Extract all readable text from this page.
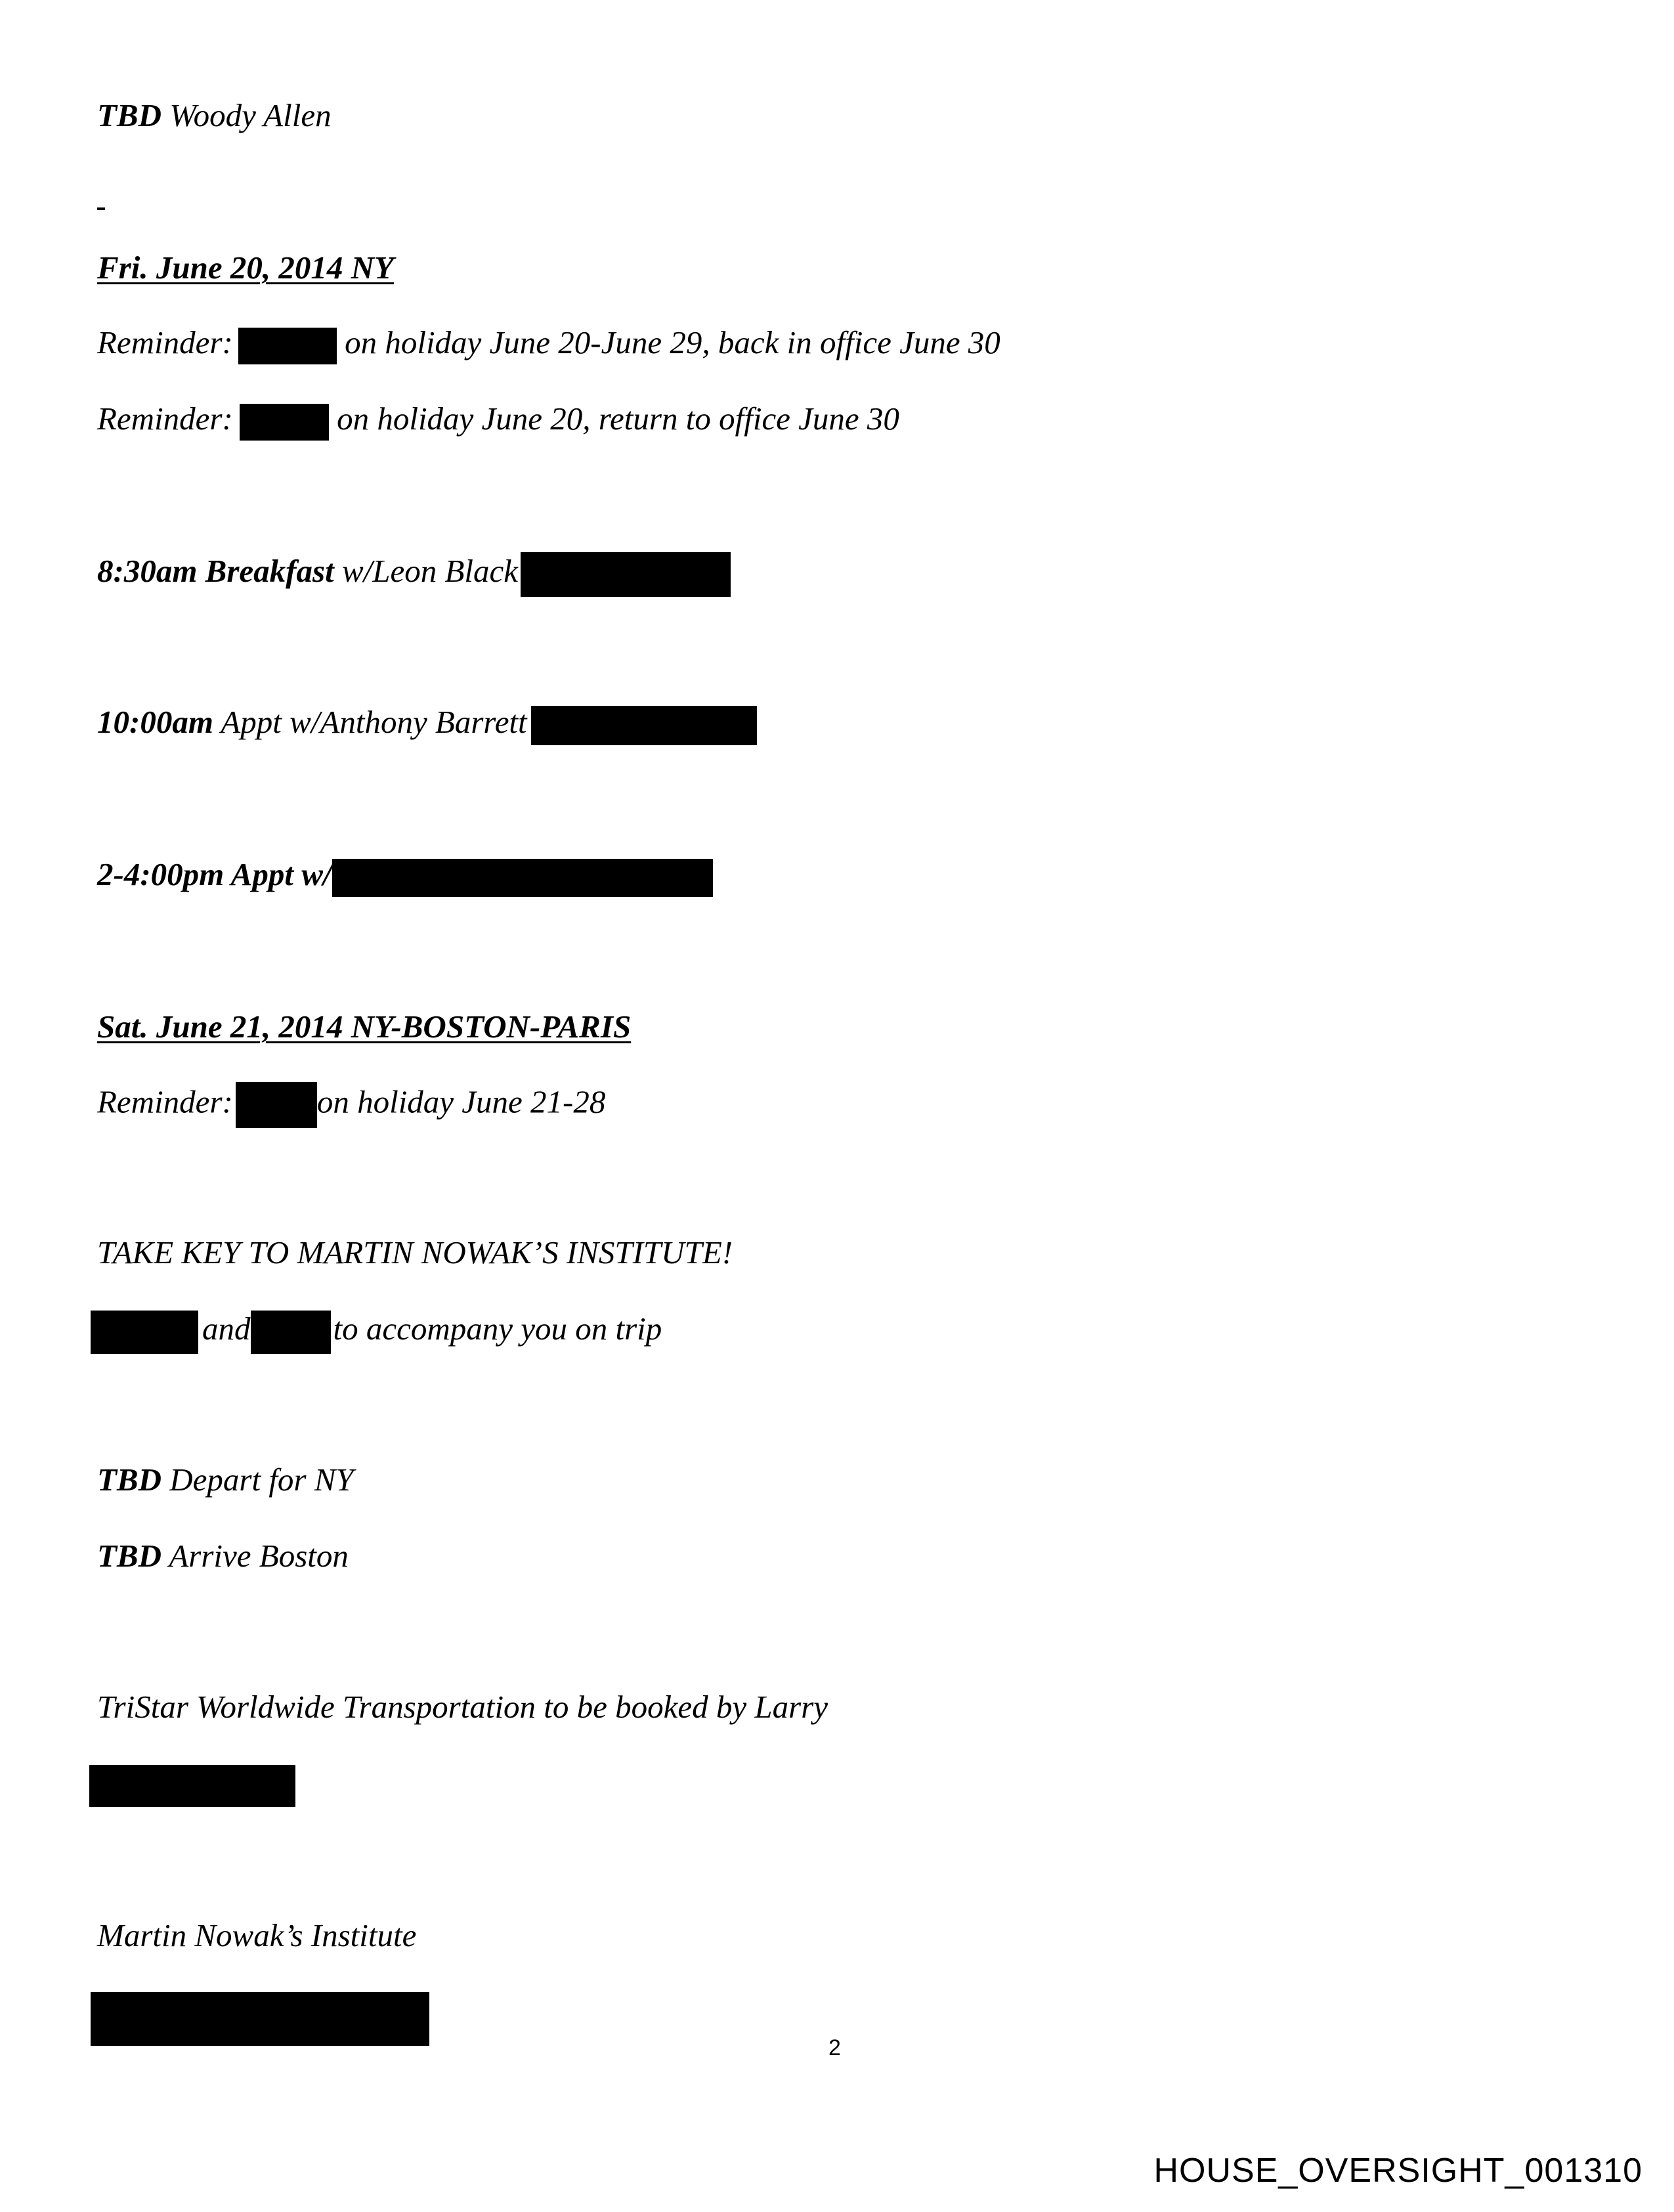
TBD Woody Allen
Fri. June 20, 2014 NY
Reminder:	on holiday June 20-June 29, back in office June 30
Reminder:	on holiday June 20, return to office June 30
8:30am Breakfast w/Leon Black
10:00am Appt w/Anthony Barrett
2-4:00pm Appt w/
Sat. June 21, 2014 NY-BOSTON-PARIS
Reminder:	on holiday June 21-28
TAKE KEY TO MARTIN NOWAK’S INSTITUTE!
and	to accompany you on trip
TBD Depart for NY
TBD Arrive Boston
TriStar Worldwide Transportation to be booked by Larry
Martin Nowak’s Institute
2
HOUSE_OVERSIGHT_001310
